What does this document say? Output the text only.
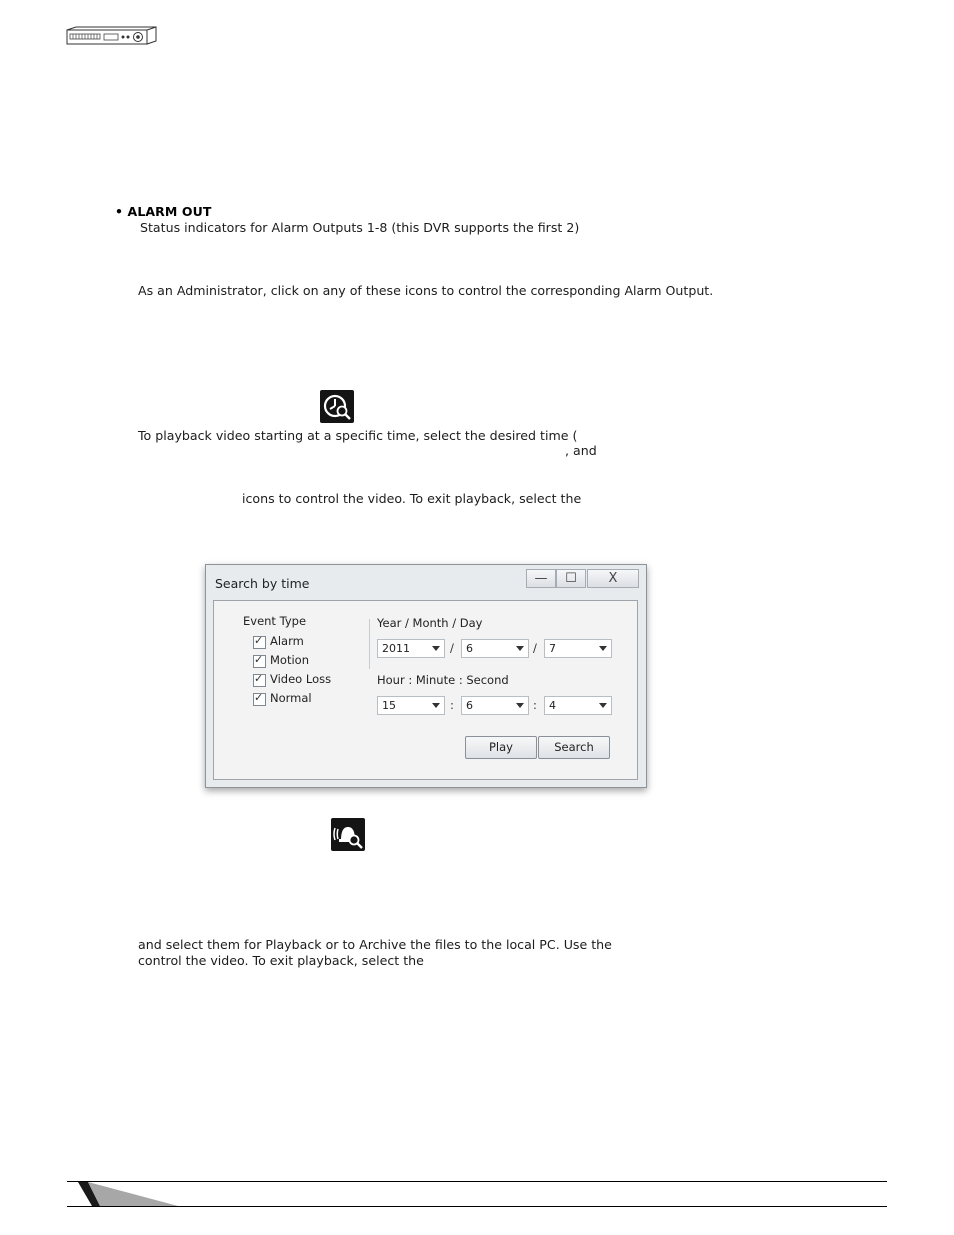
• ALARM OUT
Status indicators for Alarm Outputs 1-8 (this DVR supports the first 2)
As an Administrator, click on any of these icons to control the corresponding Alarm Output.
To playback video starting at a specific time, select the desired time (
, and
icons to control the video. To exit playback, select the
Search by time	—	☐	X
Event Type
✓
Alarm
✓
Motion
✓
Video Loss
✓
Normal
Year / Month / Day
2011	/ 6	/ 7
Hour : Minute : Second
15	: 6	: 4
Play	Search
and select them for Playback or to Archive the files to the local PC. Use the
control the video. To exit playback, select the
